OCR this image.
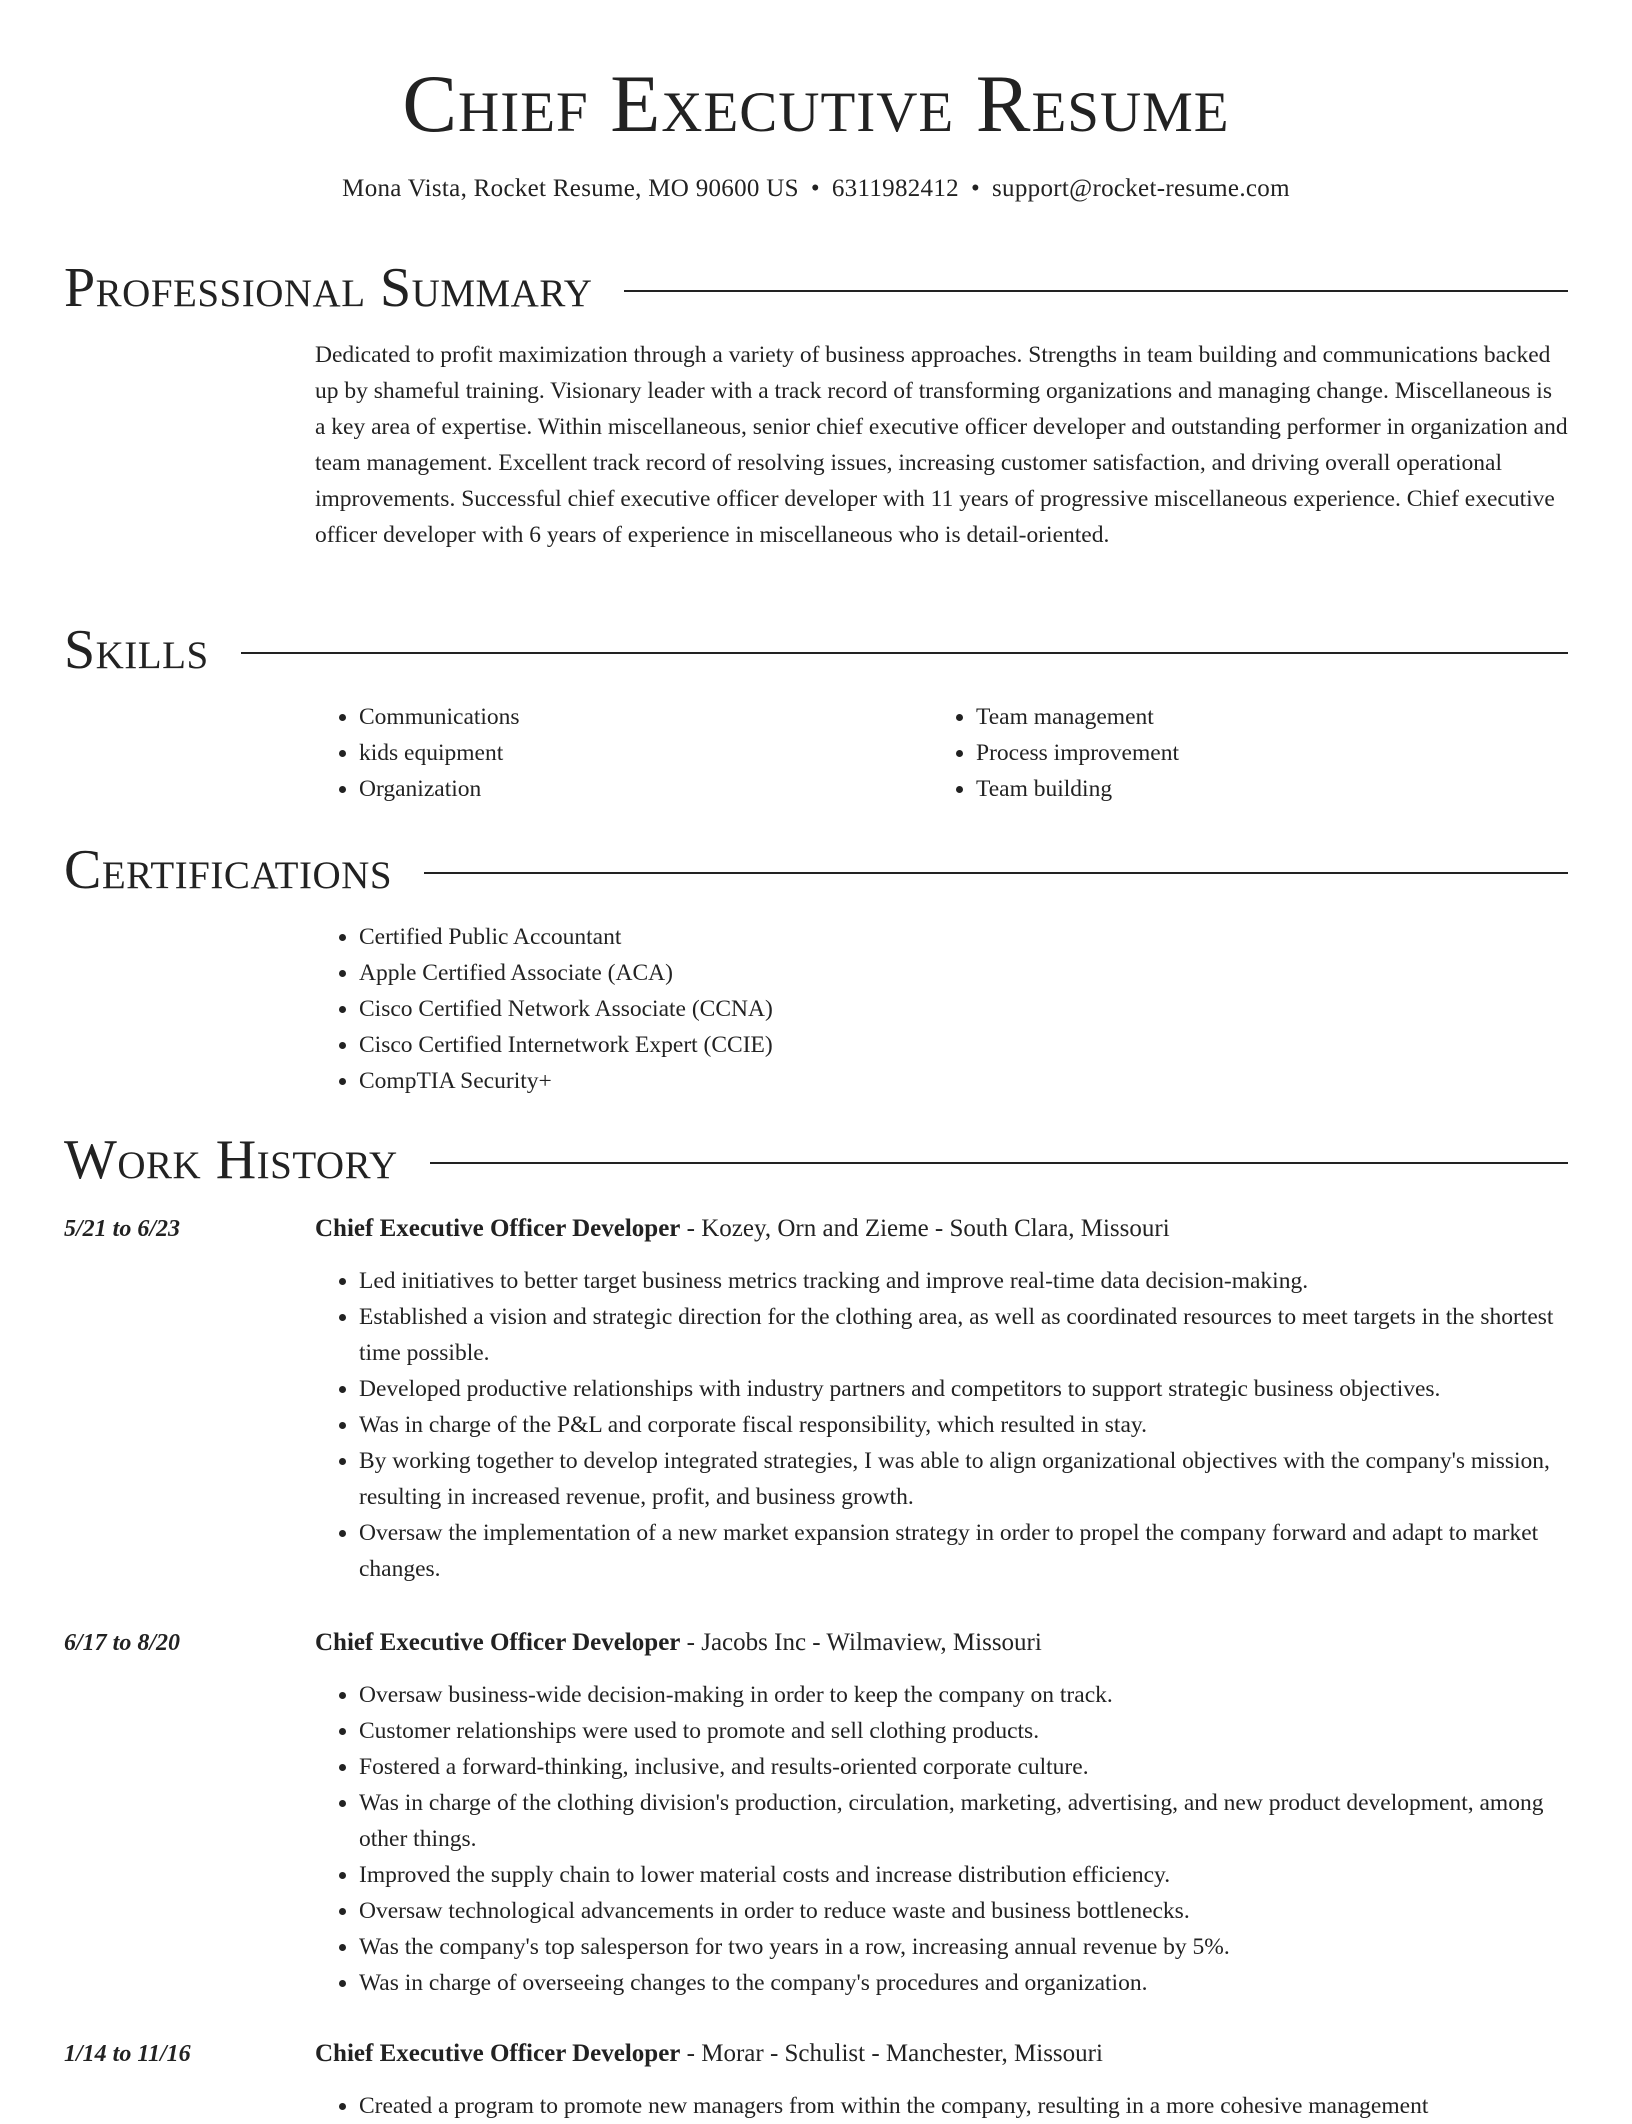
Chief Executive Resume
Mona Vista, Rocket Resume, MO 90600 US • 6311982412 • support@rocket-resume.com
Professional Summary

Dedicated to profit maximization through a variety of business approaches. Strengths in team building and communications backed up by shameful training. Visionary leader with a track record of transforming organizations and managing change. Miscellaneous is a key area of expertise. Within miscellaneous, senior chief executive officer developer and outstanding performer in organization and team management. Excellent track record of resolving issues, increasing customer satisfaction, and driving overall operational improvements. Successful chief executive officer developer with 11 years of progressive miscellaneous experience. Chief executive officer developer with 6 years of experience in miscellaneous who is detail-oriented.

Skills
• Communications
• kids equipment
• Organization
• Team management
• Process improvement
• Team building
Certifications
• Certified Public Accountant
• Apple Certified Associate (ACA)
• Cisco Certified Network Associate (CCNA)
• Cisco Certified Internetwork Expert (CCIE)
• CompTIA Security+
Work History
5/21 to 6/23	Chief Executive Officer Developer - Kozey, Orn and Zieme - South Clara, Missouri
• Led initiatives to better target business metrics tracking and improve real-time data decision-making.
• Established a vision and strategic direction for the clothing area, as well as coordinated resources to meet targets in the shortest time possible.
• Developed productive relationships with industry partners and competitors to support strategic business objectives.
• Was in charge of the P&L and corporate fiscal responsibility, which resulted in stay.
• By working together to develop integrated strategies, I was able to align organizational objectives with the company's mission, resulting in increased revenue, profit, and business growth.
• Oversaw the implementation of a new market expansion strategy in order to propel the company forward and adapt to market changes.
6/17 to 8/20	Chief Executive Officer Developer - Jacobs Inc - Wilmaview, Missouri
• Oversaw business-wide decision-making in order to keep the company on track.
• Customer relationships were used to promote and sell clothing products.
• Fostered a forward-thinking, inclusive, and results-oriented corporate culture.
• Was in charge of the clothing division's production, circulation, marketing, advertising, and new product development, among other things.
• Improved the supply chain to lower material costs and increase distribution efficiency.
• Oversaw technological advancements in order to reduce waste and business bottlenecks.
• Was the company's top salesperson for two years in a row, increasing annual revenue by 5%.
• Was in charge of overseeing changes to the company's procedures and organization.
1/14 to 11/16	Chief Executive Officer Developer - Morar - Schulist - Manchester, Missouri
• Created a program to promote new managers from within the company, resulting in a more cohesive management
